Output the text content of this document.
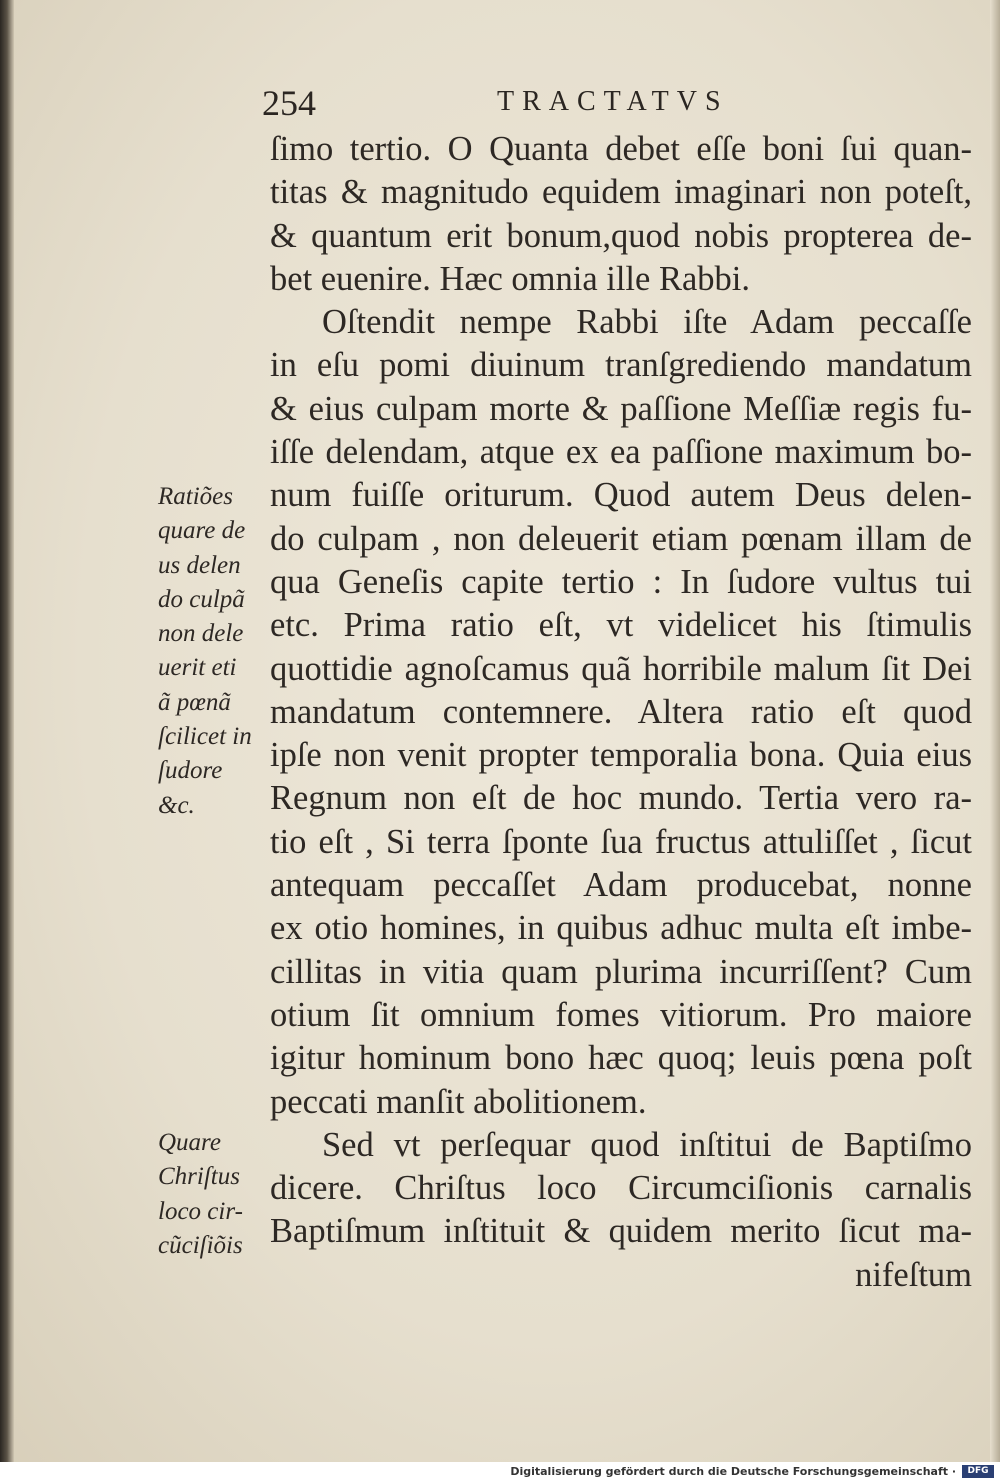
254	TRACTATVS
ſimo tertio. O Quanta debet eſſe boni ſui quan-
titas & magnitudo equidem imaginari non poteſt,
& quantum erit bonum,quod nobis propterea de-
bet euenire. Hæc omnia ille Rabbi.
Oſtendit nempe Rabbi iſte Adam peccaſſe
in eſu pomi diuinum tranſgrediendo mandatum
& eius culpam morte & paſſione Meſſiæ regis fu-
iſſe delendam, atque ex ea paſſione maximum bo-
num fuiſſe oriturum. Quod autem Deus delen-
do culpam , non deleuerit etiam pœnam illam de
qua Geneſis capite tertio : In ſudore vultus tui
etc. Prima ratio eſt, vt videlicet his ſtimulis
quottidie agnoſcamus quã horribile malum ſit Dei
mandatum contemnere. Altera ratio eſt quod
ipſe non venit propter temporalia bona. Quia eius
Regnum non eſt de hoc mundo. Tertia vero ra-
tio eſt , Si terra ſponte ſua fructus attuliſſet , ſicut
antequam peccaſſet Adam producebat, nonne
ex otio homines, in quibus adhuc multa eſt imbe-
cillitas in vitia quam plurima incurriſſent? Cum
otium ſit omnium fomes vitiorum. Pro maiore
igitur hominum bono hæc quoq; leuis pœna poſt
peccati manſit abolitionem.
Sed vt perſequar quod inſtitui de Baptiſmo
dicere. Chriſtus loco Circumciſionis carnalis
Baptiſmum inſtituit & quidem merito ſicut ma-
nifeſtum
Ratiões
quare de
us delen
do culpã
non dele
uerit eti
ã pœnã
ſcilicet in
ſudore
&c.
Quare
Chriſtus
loco cir-
cũciſiõis
Digitalisierung gefördert durch die Deutsche Forschungsgemeinschaft ·	DFG
